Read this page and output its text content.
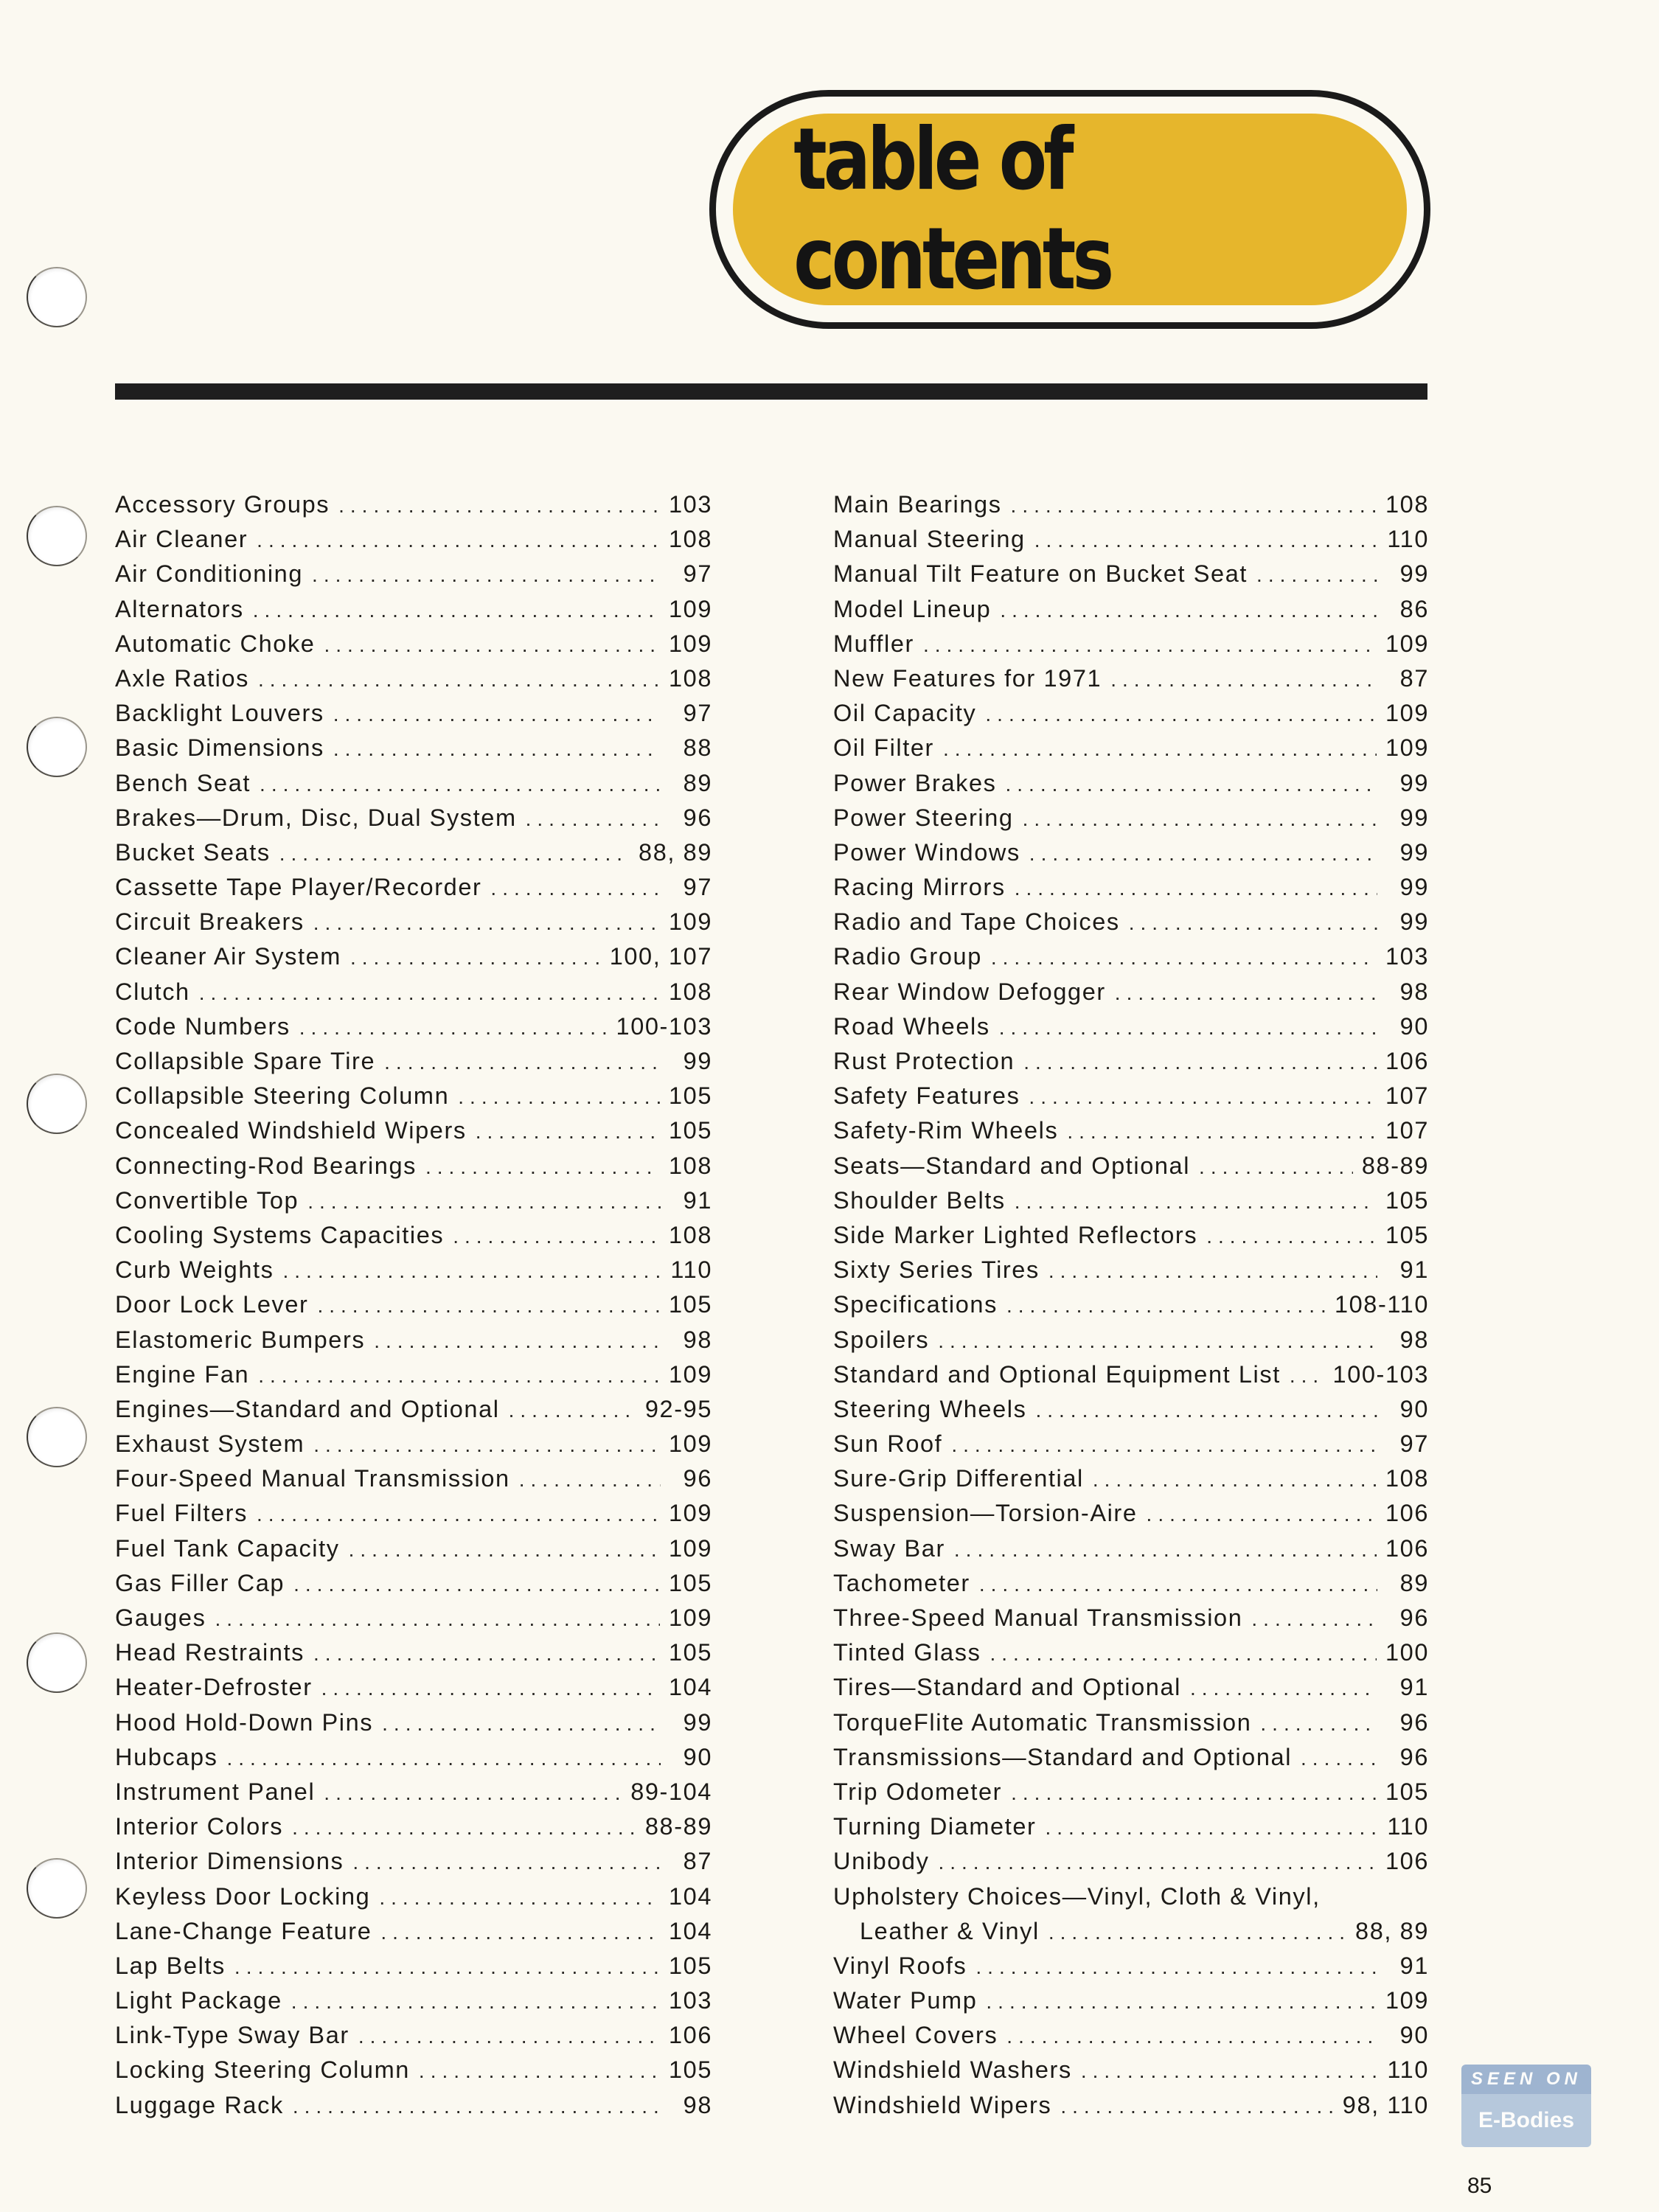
table of contents
Accessory Groups .....	103
Air Cleaner .....	108
Air Conditioning .....	97
Alternators .....	109
Automatic Choke .....	109
Axle Ratios .....	108
Backlight Louvers .....	97
Basic Dimensions .....	88
Bench Seat .....	89
Brakes—Drum, Disc, Dual System .....	96
Bucket Seats .....	88, 89
Cassette Tape Player/Recorder .....	97
Circuit Breakers .....	109
Cleaner Air System .....	100, 107
Clutch .....	108
Code Numbers .....	100-103
Collapsible Spare Tire .....	99
Collapsible Steering Column .....	105
Concealed Windshield Wipers .....	105
Connecting-Rod Bearings .....	108
Convertible Top .....	91
Cooling Systems Capacities .....	108
Curb Weights .....	110
Door Lock Lever .....	105
Elastomeric Bumpers .....	98
Engine Fan .....	109
Engines—Standard and Optional .....	92-95
Exhaust System .....	109
Four-Speed Manual Transmission .....	96
Fuel Filters .....	109
Fuel Tank Capacity .....	109
Gas Filler Cap .....	105
Gauges .....	109
Head Restraints .....	105
Heater-Defroster .....	104
Hood Hold-Down Pins .....	99
Hubcaps .....	90
Instrument Panel .....	89-104
Interior Colors .....	88-89
Interior Dimensions .....	87
Keyless Door Locking .....	104
Lane-Change Feature .....	104
Lap Belts .....	105
Light Package .....	103
Link-Type Sway Bar .....	106
Locking Steering Column .....	105
Luggage Rack .....	98
Main Bearings .....	108
Manual Steering .....	110
Manual Tilt Feature on Bucket Seat .....	99
Model Lineup .....	86
Muffler .....	109
New Features for 1971 .....	87
Oil Capacity .....	109
Oil Filter .....	109
Power Brakes .....	99
Power Steering .....	99
Power Windows .....	99
Racing Mirrors .....	99
Radio and Tape Choices .....	99
Radio Group .....	103
Rear Window Defogger .....	98
Road Wheels .....	90
Rust Protection .....	106
Safety Features .....	107
Safety-Rim Wheels .....	107
Seats—Standard and Optional .....	88-89
Shoulder Belts .....	105
Side Marker Lighted Reflectors .....	105
Sixty Series Tires .....	91
Specifications .....	108-110
Spoilers .....	98
Standard and Optional Equipment List ..... 100-103
Steering Wheels .....	90
Sun Roof .....	97
Sure-Grip Differential .....	108
Suspension—Torsion-Aire .....	106
Sway Bar .....	106
Tachometer .....	89
Three-Speed Manual Transmission .....	96
Tinted Glass .....	100
Tires—Standard and Optional .....	91
TorqueFlite Automatic Transmission .....	96
Transmissions—Standard and Optional .....	96
Trip Odometer .....	105
Turning Diameter .....	110
Unibody .....	106
Upholstery Choices—Vinyl, Cloth & Vinyl,
Leather & Vinyl .....	88, 89
Vinyl Roofs .....	91
Water Pump .....	109
Wheel Covers .....	90
Windshield Washers .....	110
Windshield Wipers .....	98, 110
SEEN ON
E-Bodies
85
